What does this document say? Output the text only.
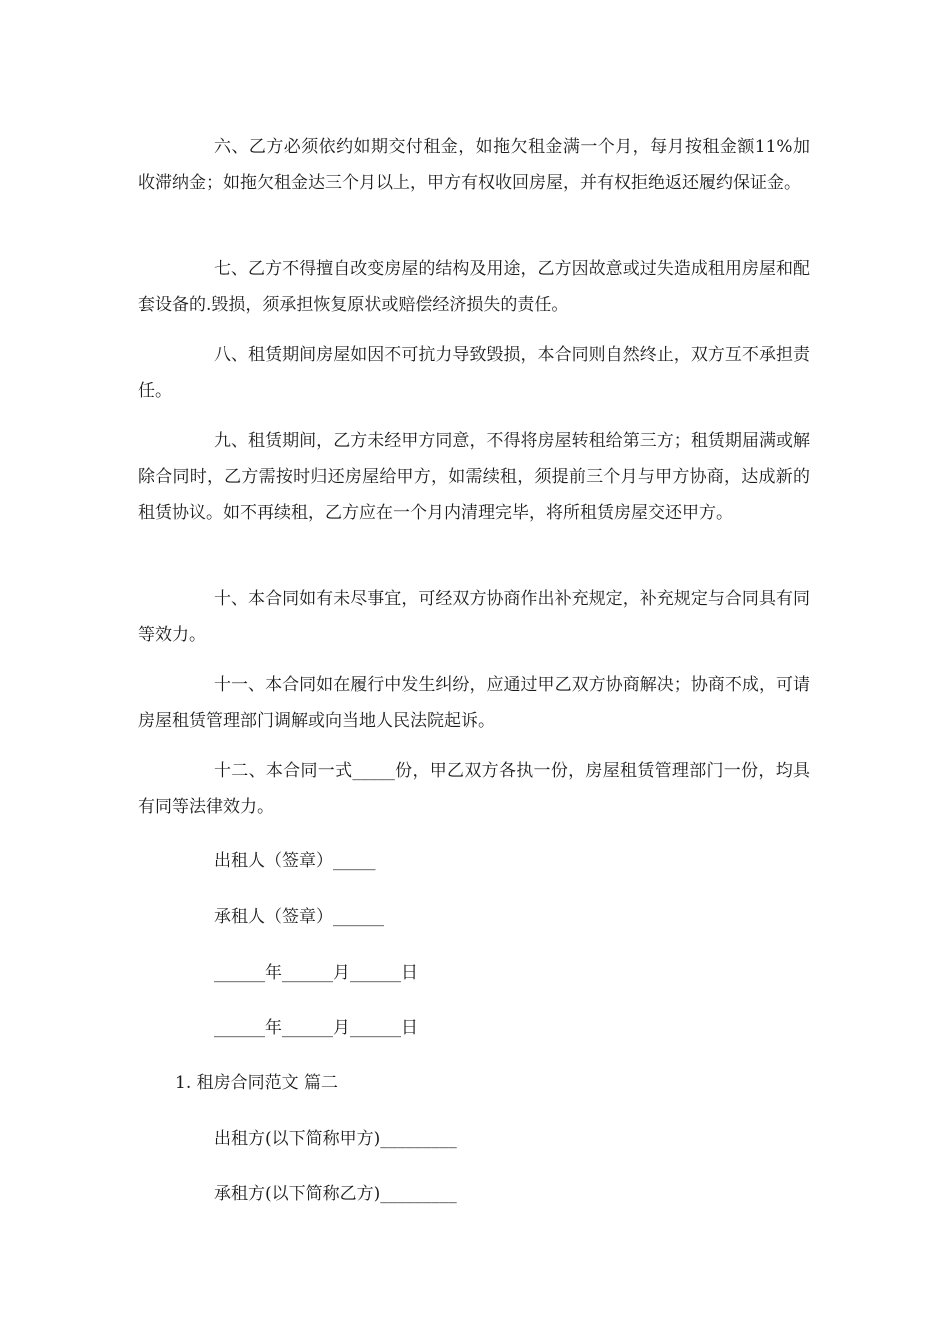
六、乙方必须依约如期交付租金，如拖欠租金满一个月，每月按租金额11%加收滞纳金；如拖欠租金达三个月以上，甲方有权收回房屋，并有权拒绝返还履约保证金。

七、乙方不得擅自改变房屋的结构及用途，乙方因故意或过失造成租用房屋和配套设备的.毁损，须承担恢复原状或赔偿经济损失的责任。

八、租赁期间房屋如因不可抗力导致毁损，本合同则自然终止，双方互不承担责任。

九、租赁期间，乙方未经甲方同意，不得将房屋转租给第三方；租赁期届满或解除合同时，乙方需按时归还房屋给甲方，如需续租，须提前三个月与甲方协商，达成新的租赁协议。如不再续租，乙方应在一个月内清理完毕，将所租赁房屋交还甲方。

十、本合同如有未尽事宜，可经双方协商作出补充规定，补充规定与合同具有同等效力。

十一、本合同如在履行中发生纠纷，应通过甲乙双方协商解决；协商不成，可请房屋租赁管理部门调解或向当地人民法院起诉。

十二、本合同一式_____份，甲乙双方各执一份，房屋租赁管理部门一份，均具有同等法律效力。

出租人（签章）_____

承租人（签章）______

______年______月______日

______年______月______日

1. 租房合同范文 篇二

出租方(以下简称甲方)_________

承租方(以下简称乙方)_________
